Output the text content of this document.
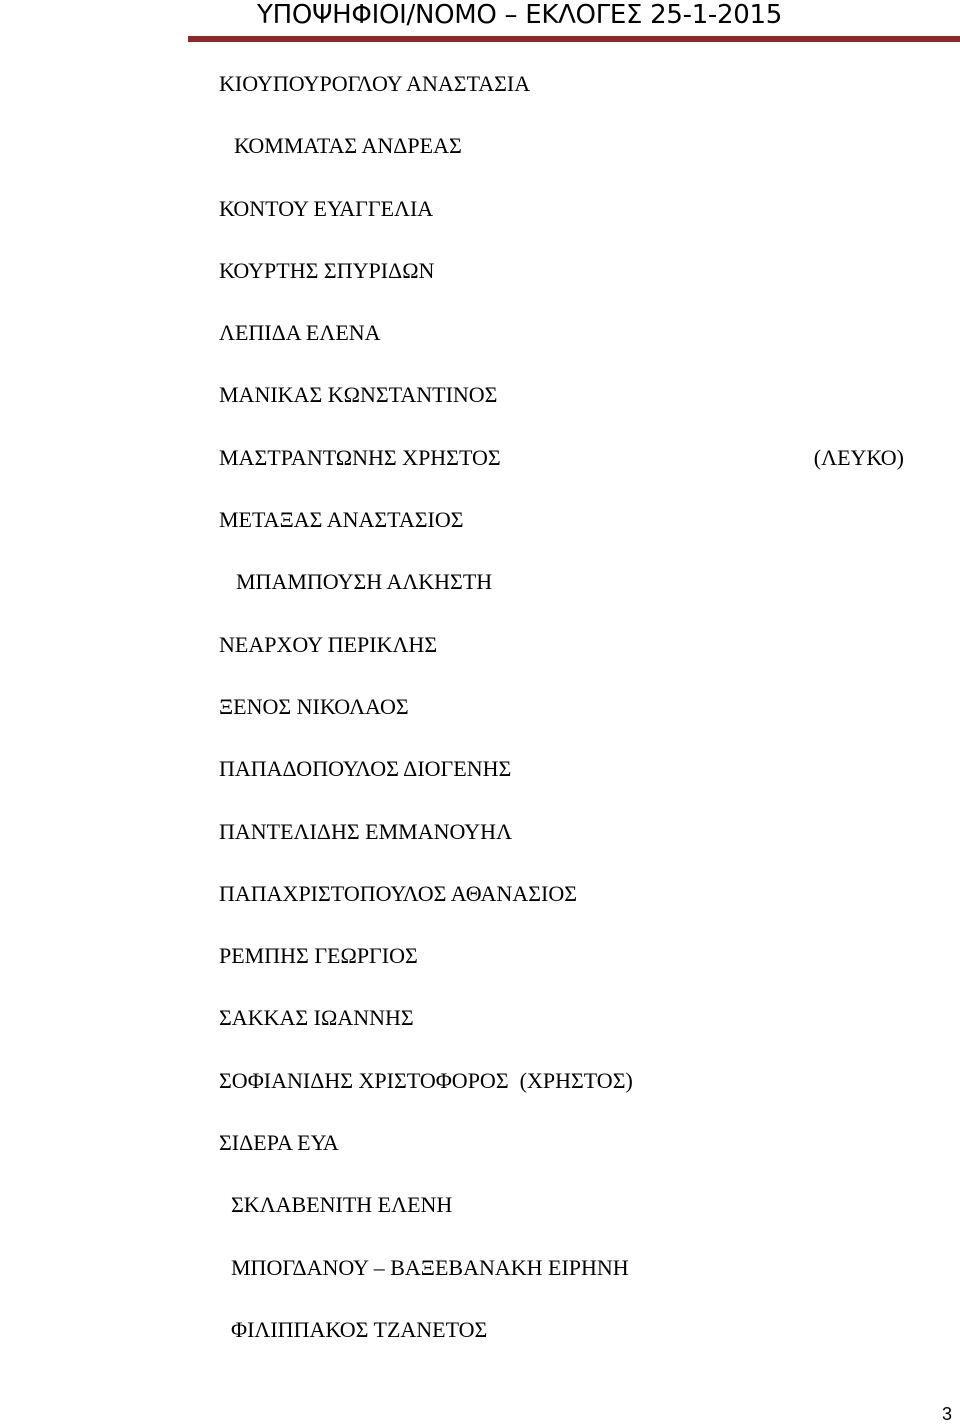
ΥΠΟΨΗΦΙΟΙ/ΝΟΜΟ – ΕΚΛΟΓΕΣ 25-1-2015
ΚΙΟΥΠΟΥΡΟΓΛΟΥ ΑΝΑΣΤΑΣΙΑ
ΚΟΜΜΑΤΑΣ ΑΝΔΡΕΑΣ
ΚΟΝΤΟΥ ΕΥΑΓΓΕΛΙΑ
ΚΟΥΡΤΗΣ ΣΠΥΡΙΔΩΝ
ΛΕΠΙΔΑ ΕΛΕΝΑ
ΜΑΝΙΚΑΣ ΚΩΝΣΤΑΝΤΙΝΟΣ
ΜΑΣΤΡΑΝΤΩΝΗΣ ΧΡΗΣΤΟΣ	(ΛΕΥΚΟ)
ΜΕΤΑΞΑΣ ΑΝΑΣΤΑΣΙΟΣ
ΜΠΑΜΠΟΥΣΗ ΑΛΚΗΣΤΗ
ΝΕΑΡΧΟΥ ΠΕΡΙΚΛΗΣ
ΞΕΝΟΣ ΝΙΚΟΛΑΟΣ
ΠΑΠΑΔΟΠΟΥΛΟΣ ΔΙΟΓΕΝΗΣ
ΠΑΝΤΕΛΙΔΗΣ ΕΜΜΑΝΟΥΗΛ
ΠΑΠΑΧΡΙΣΤΟΠΟΥΛΟΣ ΑΘΑΝΑΣΙΟΣ
ΡΕΜΠΗΣ ΓΕΩΡΓΙΟΣ
ΣΑΚΚΑΣ ΙΩΑΝΝΗΣ
ΣΟΦΙΑΝΙΔΗΣ ΧΡΙΣΤΟΦΟΡΟΣ  (ΧΡΗΣΤΟΣ)
ΣΙΔΕΡΑ ΕΥΑ
ΣΚΛΑΒΕΝΙΤΗ ΕΛΕΝΗ
ΜΠΟΓΔΑΝΟΥ – ΒΑΞΕΒΑΝΑΚΗ ΕΙΡΗΝΗ
ΦΙΛΙΠΠΑΚΟΣ ΤΖΑΝΕΤΟΣ
3
